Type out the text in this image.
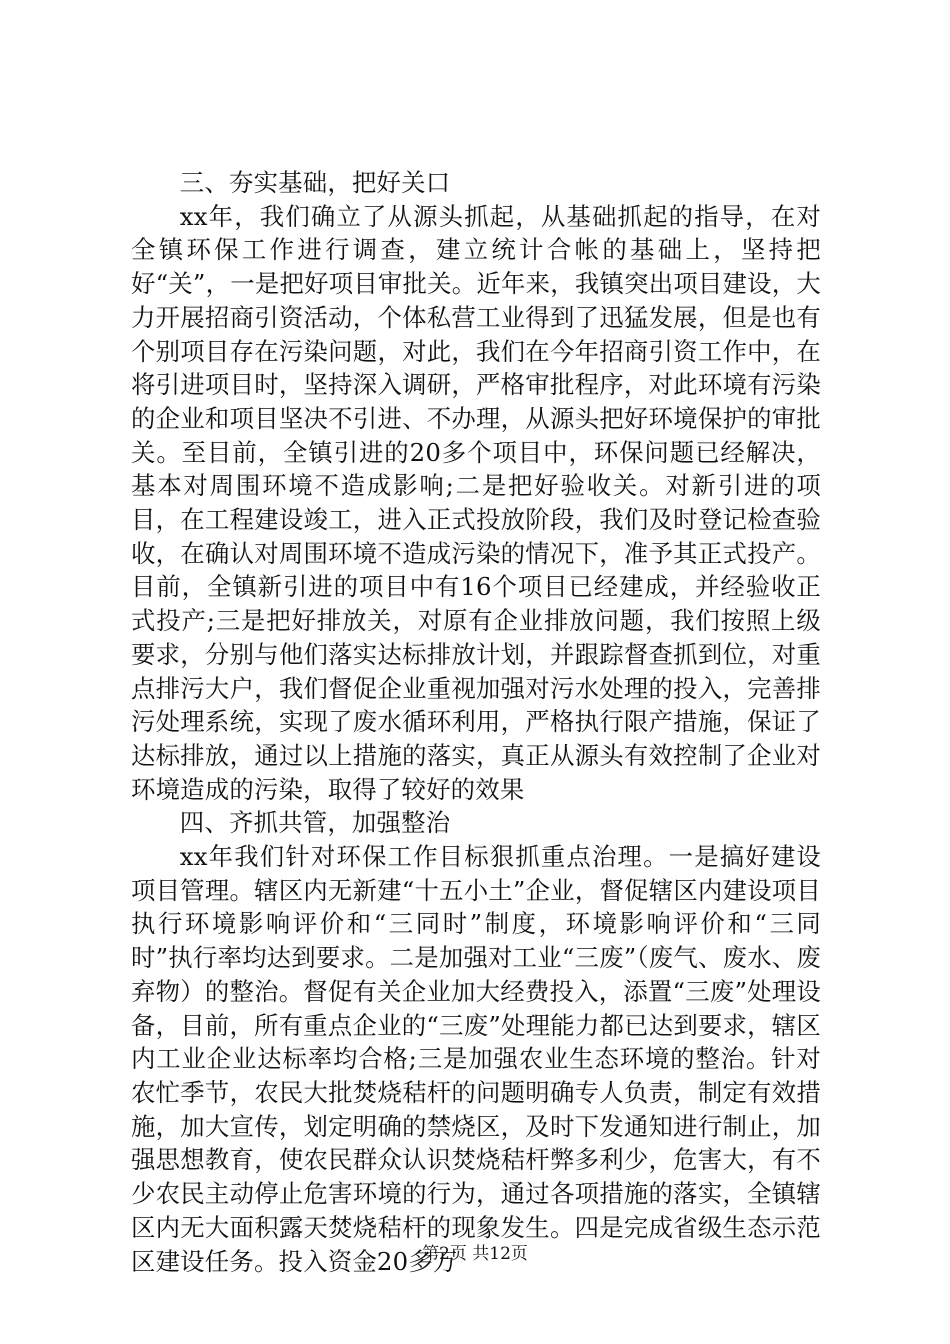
三、夯实基础，把好关口

xx年，我们确立了从源头抓起，从基础抓起的指导，在对全镇环保工作进行调查，建立统计合帐的基础上，坚持把好“关”，一是把好项目审批关。近年来，我镇突出项目建设，大力开展招商引资活动，个体私营工业得到了迅猛发展，但是也有个别项目存在污染问题，对此，我们在今年招商引资工作中，在将引进项目时，坚持深入调研，严格审批程序，对此环境有污染的企业和项目坚决不引进、不办理，从源头把好环境保护的审批关。至目前，全镇引进的20多个项目中，环保问题已经解决，基本对周围环境不造成影响;二是把好验收关。对新引进的项目，在工程建设竣工，进入正式投放阶段，我们及时登记检查验收，在确认对周围环境不造成污染的情况下，准予其正式投产。目前，全镇新引进的项目中有16个项目已经建成，并经验收正式投产;三是把好排放关，对原有企业排放问题，我们按照上级要求，分别与他们落实达标排放计划，并跟踪督查抓到位，对重点排污大户，我们督促企业重视加强对污水处理的投入，完善排污处理系统，实现了废水循环利用，严格执行限产措施，保证了达标排放，通过以上措施的落实，真正从源头有效控制了企业对环境造成的污染，取得了较好的效果

四、齐抓共管，加强整治

xx年我们针对环保工作目标狠抓重点治理。一是搞好建设项目管理。辖区内无新建“十五小土”企业，督促辖区内建设项目执行环境影响评价和“三同时”制度，环境影响评价和“三同时”执行率均达到要求。二是加强对工业“三废”（废气、废水、废弃物）的整治。督促有关企业加大经费投入，添置“三废”处理设备，目前，所有重点企业的“三废”处理能力都已达到要求，辖区内工业企业达标率均合格;三是加强农业生态环境的整治。针对农忙季节，农民大批焚烧秸杆的问题明确专人负责，制定有效措施，加大宣传，划定明确的禁烧区，及时下发通知进行制止，加强思想教育，使农民群众认识焚烧秸杆弊多利少，危害大，有不少农民主动停止危害环境的行为，通过各项措施的落实，全镇辖区内无大面积露天焚烧秸杆的现象发生。四是完成省级生态示范区建设任务。投入资金20多万

第2页 共12页
